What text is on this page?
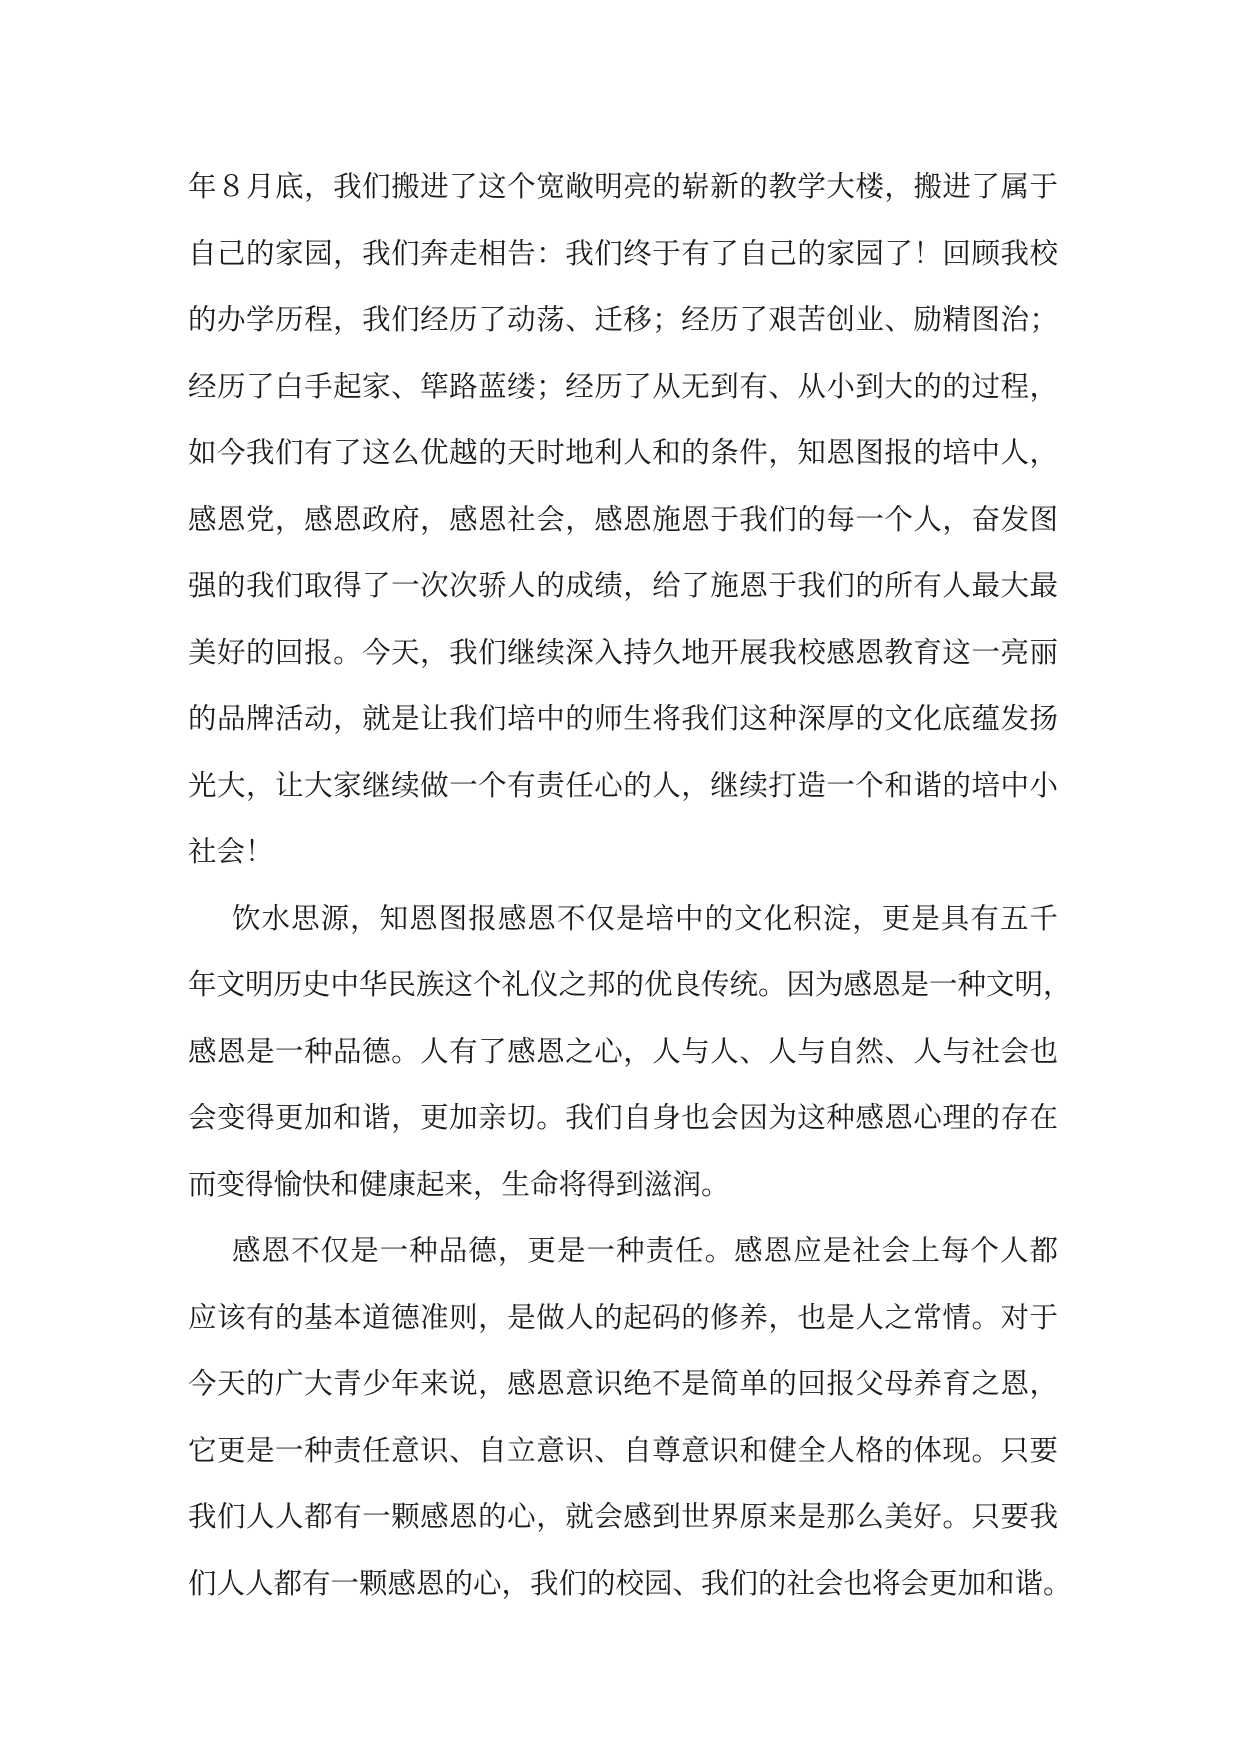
年８月底，我们搬进了这个宽敞明亮的崭新的教学大楼，搬进了属于
自己的家园，我们奔走相告：我们终于有了自己的家园了！回顾我校
的办学历程，我们经历了动荡、迁移；经历了艰苦创业、励精图治；
经历了白手起家、筚路蓝缕；经历了从无到有、从小到大的的过程，
如今我们有了这么优越的天时地利人和的条件，知恩图报的培中人，
感恩党，感恩政府，感恩社会，感恩施恩于我们的每一个人，奋发图
强的我们取得了一次次骄人的成绩，给了施恩于我们的所有人最大最
美好的回报。今天，我们继续深入持久地开展我校感恩教育这一亮丽
的品牌活动，就是让我们培中的师生将我们这种深厚的文化底蕴发扬
光大，让大家继续做一个有责任心的人，继续打造一个和谐的培中小
社会！
饮水思源，知恩图报感恩不仅是培中的文化积淀，更是具有五千
年文明历史中华民族这个礼仪之邦的优良传统。因为感恩是一种文明，
感恩是一种品德。人有了感恩之心，人与人、人与自然、人与社会也
会变得更加和谐，更加亲切。我们自身也会因为这种感恩心理的存在
而变得愉快和健康起来，生命将得到滋润。
感恩不仅是一种品德，更是一种责任。感恩应是社会上每个人都
应该有的基本道德准则，是做人的起码的修养，也是人之常情。对于
今天的广大青少年来说，感恩意识绝不是简单的回报父母养育之恩，
它更是一种责任意识、自立意识、自尊意识和健全人格的体现。只要
我们人人都有一颗感恩的心，就会感到世界原来是那么美好。只要我
们人人都有一颗感恩的心，我们的校园、我们的社会也将会更加和谐。
